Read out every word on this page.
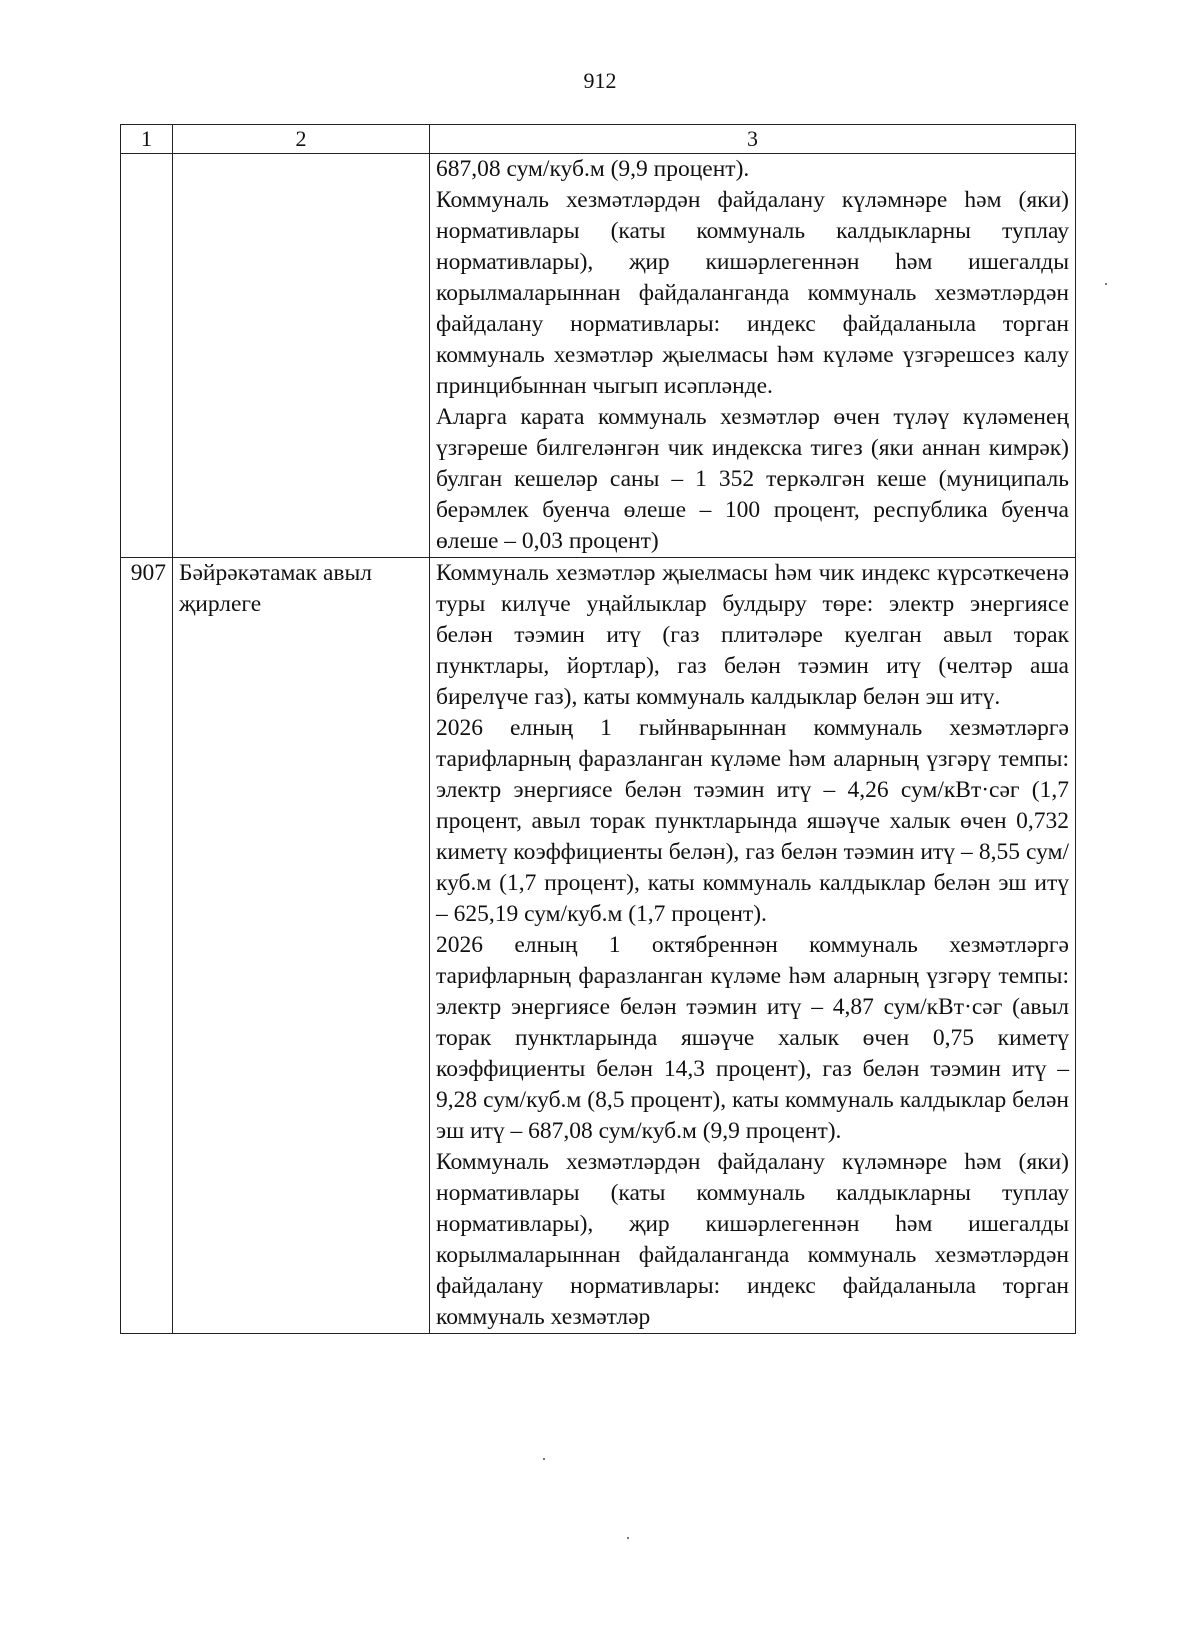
912
1	2	3

		687,08 сум/куб.м (9,9 процент).

Коммуналь хезмәтләрдән файдалану күләмнәре һәм (яки) нормативлары (каты коммуналь калдыкларны туплау нормативлары), җир кишәрлегеннән һәм ишегалды корылмаларыннан файдаланганда коммуналь хезмәтләрдән файдалану нормативлары: индекс файдаланыла торган коммуналь хезмәтләр җыелмасы һәм күләме үзгәрешсез калу принцибыннан чыгып исәпләнде.

Аларга карата коммуналь хезмәтләр өчен түләү күләменең үзгәреше билгеләнгән чик индекска тигез (яки аннан кимрәк) булган кешеләр саны – 1 352 теркәлгән кеше (муниципаль берәмлек буенча өлеше – 100 процент, республика буенча өлеше – 0,03 процент)

907	Бәйрәкәтамак авыл җирлеге	Коммуналь хезмәтләр җыелмасы һәм чик индекс күрсәткеченә туры килүче уңайлыклар булдыру төре: электр энергиясе белән тәэмин итү (газ плитәләре куелган авыл торак пунктлары, йортлар), газ белән тәэмин итү (челтәр аша бирелүче газ), каты коммуналь калдыклар белән эш итү.

2026 елның 1 гыйнварыннан коммуналь хезмәтләргә тарифларның фаразланган күләме һәм аларның үзгәрү темпы: электр энергиясе белән тәэмин итү – 4,26 сум/кВт·сәг (1,7 процент, авыл торак пунктларында яшәүче халык өчен 0,732 киметү коэффициенты белән), газ белән тәэмин итү – 8,55 сум/куб.м (1,7 процент), каты коммуналь калдыклар белән эш итү – 625,19 сум/куб.м (1,7 процент).

2026 елның 1 октябреннән коммуналь хезмәтләргә тарифларның фаразланган күләме һәм аларның үзгәрү темпы: электр энергиясе белән тәэмин итү – 4,87 сум/кВт·сәг (авыл торак пунктларында яшәүче халык өчен 0,75 киметү коэффициенты белән 14,3 процент), газ белән тәэмин итү – 9,28 сум/куб.м (8,5 процент), каты коммуналь калдыклар белән эш итү – 687,08 сум/куб.м (9,9 процент).

Коммуналь хезмәтләрдән файдалану күләмнәре һәм (яки) нормативлары (каты коммуналь калдыкларны туплау нормативлары), җир кишәрлегеннән һәм ишегалды корылмаларыннан файдаланганда коммуналь хезмәтләрдән файдалану нормативлары: индекс файдаланыла торган коммуналь хезмәтләр
